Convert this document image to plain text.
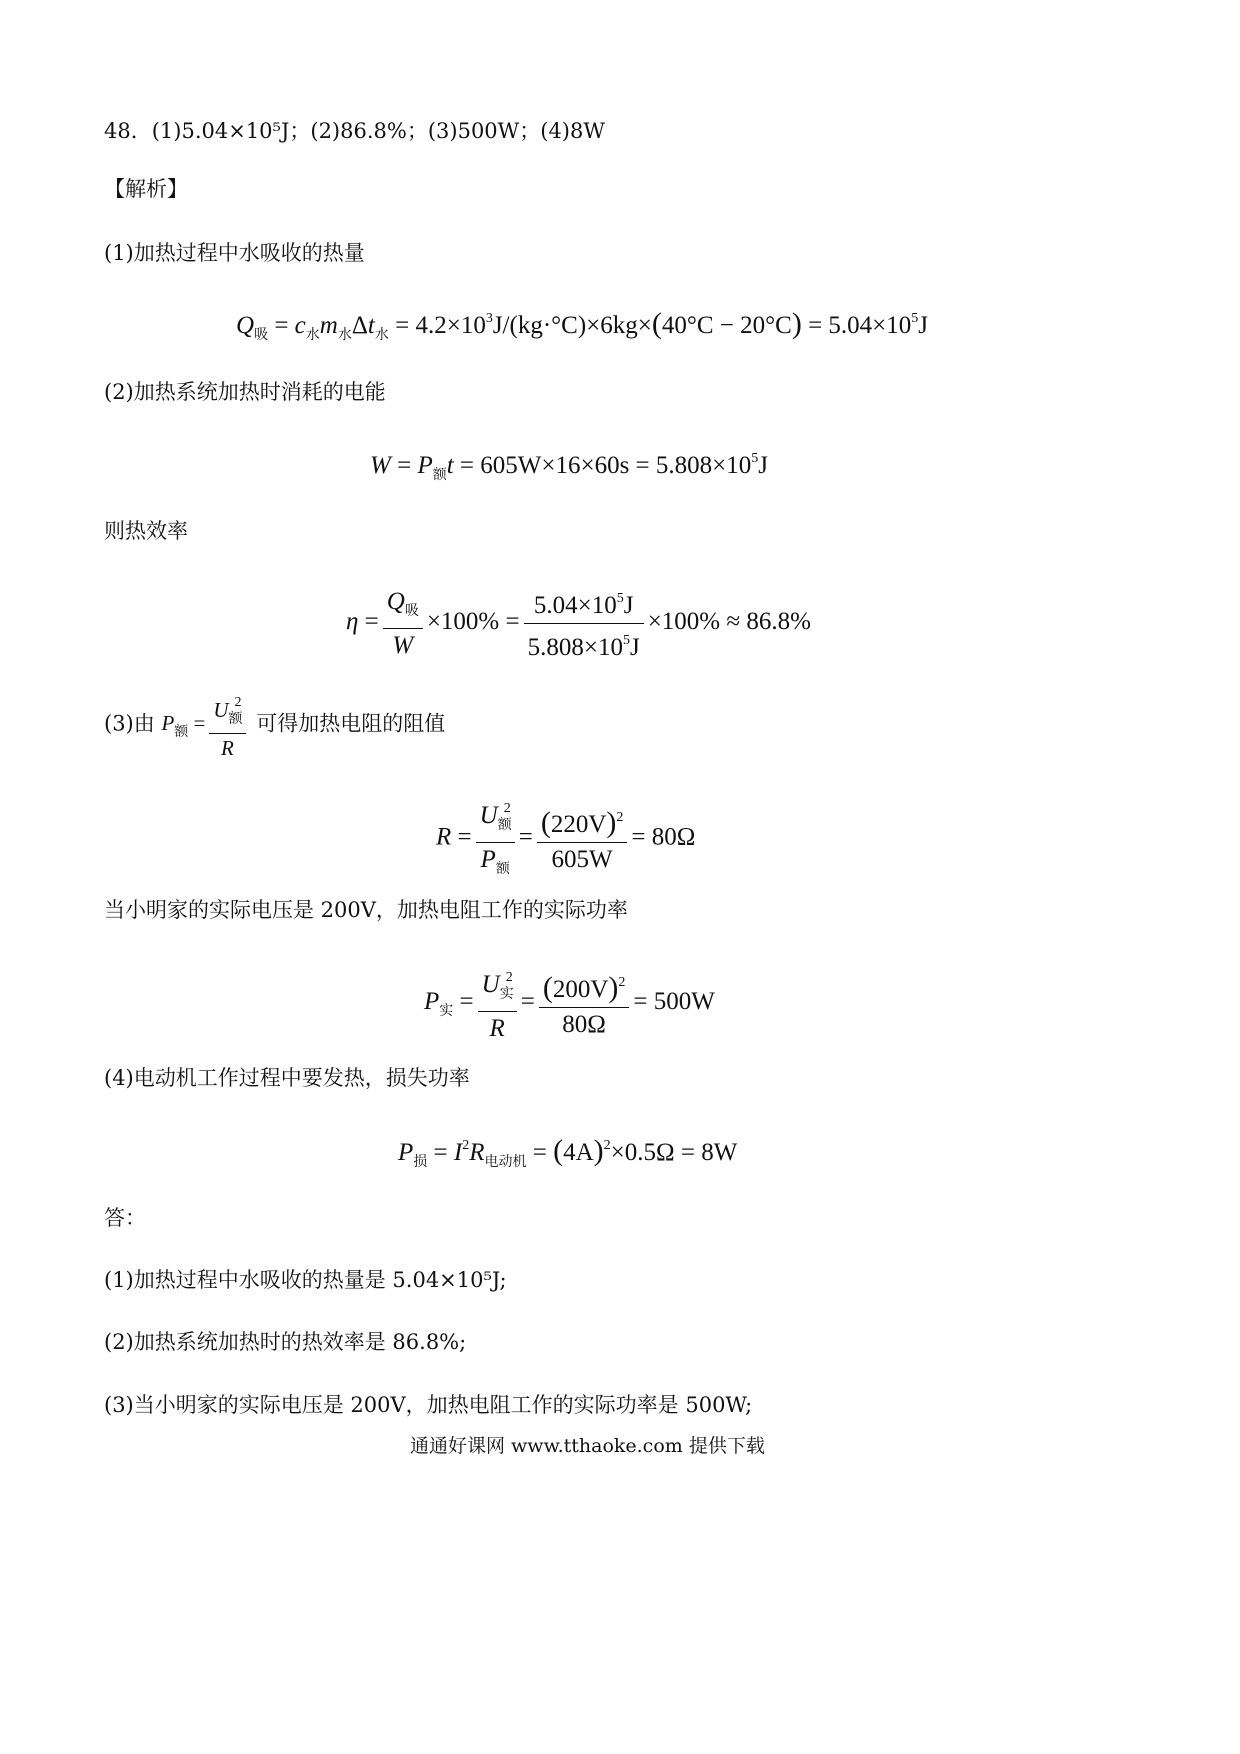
48．(1)5.04×10⁵J；(2)86.8%；(3)500W；(4)8W
【解析】
(1)加热过程中水吸收的热量
$Q_吸 = c_水m_水\Delta t_水 = 4.2\times 10^3J/(kg\cdot^\circ C)\times 6kg\times(40^\circ C - 20^\circ C) = 5.04\times 10^5J$
(2)加热系统加热时消耗的电能
$W = P_额t = 605W\times 16\times 60s = 5.808\times 10^5J$
则热效率
$\eta = \frac{Q_吸}{W} \times 100\% = \frac{5.04\times 10^5J}{5.808\times 10^5J} \times 100\% \approx 86.8\%$
(3)由 $P_额 = \frac{U_额^2}{R}$ 可得加热电阻的阻值
$R = \frac{U_额^2}{P_额} = \frac{(220V)^2}{605W} = 80\Omega$
当小明家的实际电压是 200V，加热电阻工作的实际功率
$P_实 = \frac{U_实^2}{R} = \frac{(200V)^2}{80\Omega} = 500W$
(4)电动机工作过程中要发热，损失功率
$P_损 = I^2R_{电动机} = (4A)^2\times 0.5\Omega = 8W$
答：
(1)加热过程中水吸收的热量是 5.04×10⁵J;
(2)加热系统加热时的热效率是 86.8%;
(3)当小明家的实际电压是 200V，加热电阻工作的实际功率是 500W;
通通好课网 www.tthaoke.com 提供下载
